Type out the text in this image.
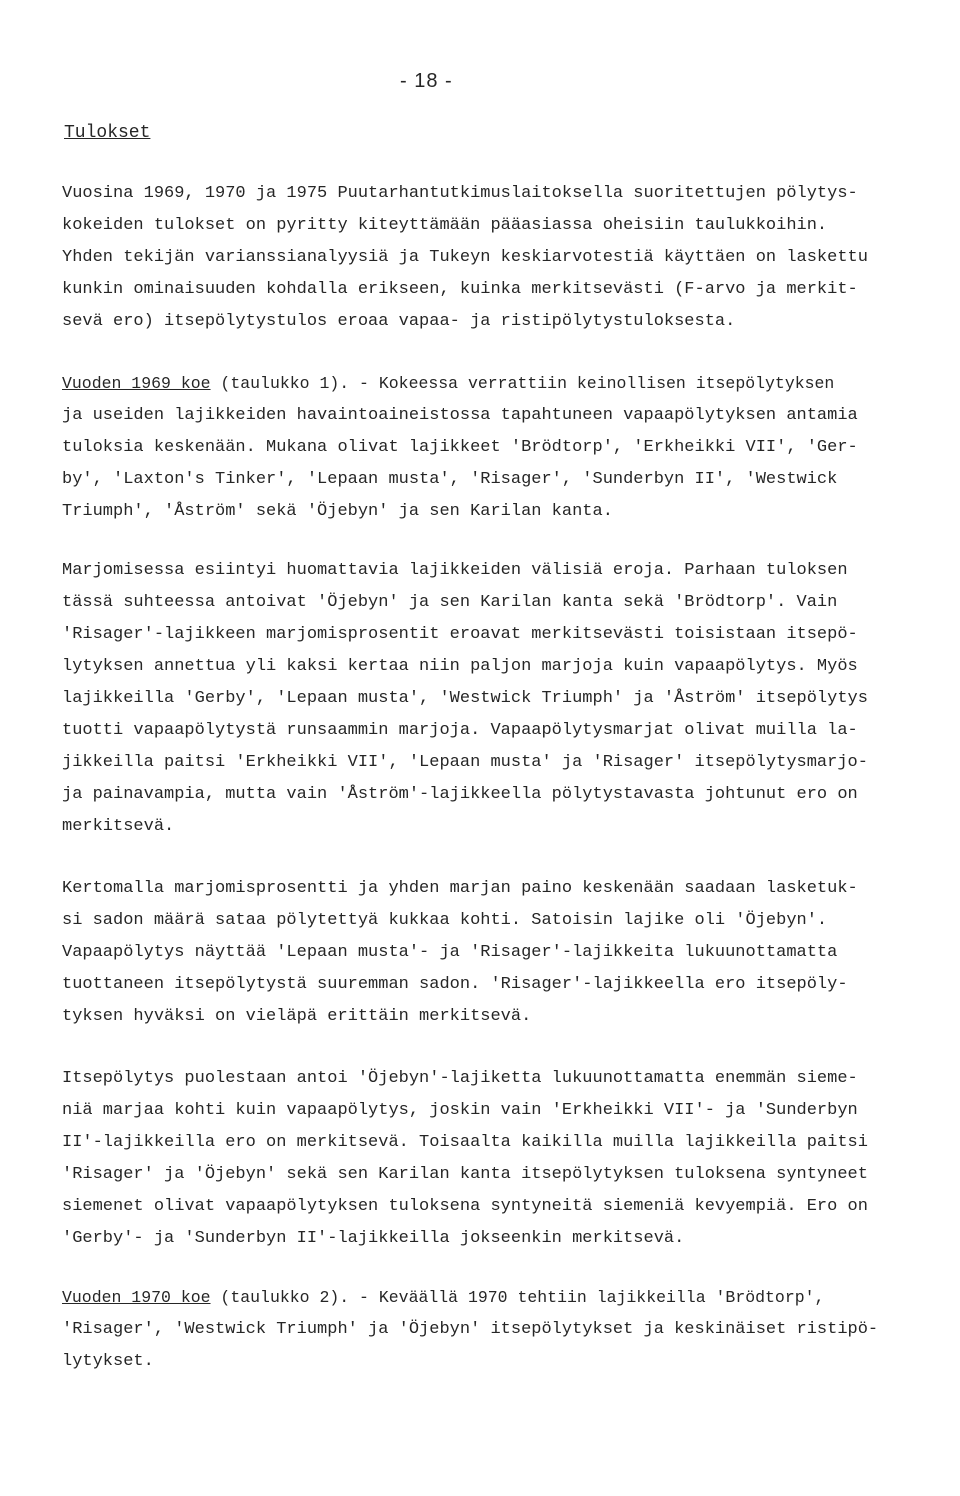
- 18 -
Tulokset
Vuosina 1969, 1970 ja 1975 Puutarhantutkimuslaitoksella suoritettujen pölytys-
kokeiden tulokset on pyritty kiteyttämään pääasiassa oheisiin taulukkoihin.
Yhden tekijän varianssianalyysiä ja Tukeyn keskiarvotestiä käyttäen on laskettu
kunkin ominaisuuden kohdalla erikseen, kuinka merkitsevästi (F-arvo ja merkit-
sevä ero) itsepölytystulos eroaa vapaa- ja ristipölytystuloksesta.
Vuoden 1969 koe (taulukko 1). - Kokeessa verrattiin keinollisen itsepölytyksen
ja useiden lajikkeiden havaintoaineistossa tapahtuneen vapaapölytyksen antamia
tuloksia keskenään. Mukana olivat lajikkeet 'Brödtorp', 'Erkheikki VII', 'Ger-
by', 'Laxton's Tinker', 'Lepaan musta', 'Risager', 'Sunderbyn II', 'Westwick
Triumph', 'Åström' sekä 'Öjebyn' ja sen Karilan kanta.
Marjomisessa esiintyi huomattavia lajikkeiden välisiä eroja. Parhaan tuloksen
tässä suhteessa antoivat 'Öjebyn' ja sen Karilan kanta sekä 'Brödtorp'. Vain
'Risager'-lajikkeen marjomisprosentit eroavat merkitsevästi toisistaan itsepö-
lytyksen annettua yli kaksi kertaa niin paljon marjoja kuin vapaapölytys. Myös
lajikkeilla 'Gerby', 'Lepaan musta', 'Westwick Triumph' ja 'Åström' itsepölytys
tuotti vapaapölytystä runsaammin marjoja. Vapaapölytysmarjat olivat muilla la-
jikkeilla paitsi 'Erkheikki VII', 'Lepaan musta' ja 'Risager' itsepölytysmarjo-
ja painavampia, mutta vain 'Åström'-lajikkeella pölytystavasta johtunut ero on
merkitsevä.
Kertomalla marjomisprosentti ja yhden marjan paino keskenään saadaan lasketuk-
si sadon määrä sataa pölytettyä kukkaa kohti. Satoisin lajike oli 'Öjebyn'.
Vapaapölytys näyttää 'Lepaan musta'- ja 'Risager'-lajikkeita lukuunottamatta
tuottaneen itsepölytystä suuremman sadon. 'Risager'-lajikkeella ero itsepöly-
tyksen hyväksi on vieläpä erittäin merkitsevä.
Itsepölytys puolestaan antoi 'Öjebyn'-lajiketta lukuunottamatta enemmän sieme-
niä marjaa kohti kuin vapaapölytys, joskin vain 'Erkheikki VII'- ja 'Sunderbyn
II'-lajikkeilla ero on merkitsevä. Toisaalta kaikilla muilla lajikkeilla paitsi
'Risager' ja 'Öjebyn' sekä sen Karilan kanta itsepölytyksen tuloksena syntyneet
siemenet olivat vapaapölytyksen tuloksena syntyneitä siemeniä kevyempiä. Ero on
'Gerby'- ja 'Sunderbyn II'-lajikkeilla jokseenkin merkitsevä.
Vuoden 1970 koe (taulukko 2). - Keväällä 1970 tehtiin lajikkeilla 'Brödtorp',
'Risager', 'Westwick Triumph' ja 'Öjebyn' itsepölytykset ja keskinäiset ristipö-
lytykset.
